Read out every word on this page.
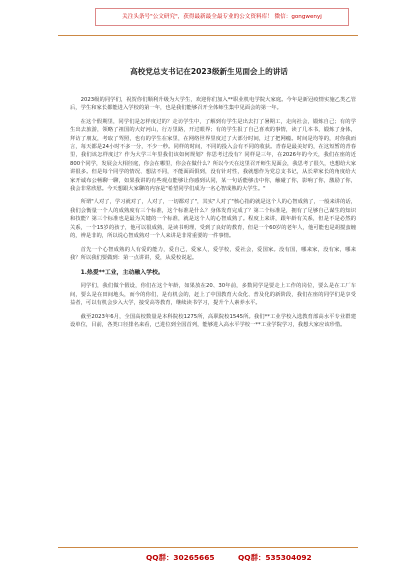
关注头条号"公文研究"，获得最新最全最专业的公文资料库！ 微信：gongwenyj
高校党总支书记在2023级新生见面会上的讲话

2023级的同学们，祝贺你们顺利升级为大学生，欢迎你们加入**职业机电学院大家庭。今年是新冠疫情实施乙类乙管后，学生和家长都能进入学校的第一年，也是我们能够召开全体师生集中见面会的第一年。

在这个假期里，同学们是怎样度过的？走访学生中，了解到有学生是出去打了暑期工，走向社会，锻炼自己；有的学生出去旅游，领略了祖国的大好河山，行万里路，开过眼界；有的学生报了自己喜欢的事情，读了几本书，锻炼了身体，拜访了朋友，考取了驾照，也有的学生在家里，在网络世界里度过了大部分时间，过了把网瘾。时间是均等的，对你我而言，每天都是24小时不多一分，不少一秒。同样的时间，不同的投入会有不同的收获。青春是最美好的，在这短暂的青春里，我们该怎样度过？作为大学三年里我们该如何规划？你思考过没有？同样是三年，在2026年的今天，我们在座的近800个同学，发展会大相径庭，你会在哪里，你会在做什么？所以今天在这里召开师生见面会，我思考了很久，也想给大家讲很多。但是每个同学的情况、想法不同，不能面面俱到，没有针对性，我就想作为党总支书记，从长辈家长的角度给大家开诚布公畅聊一聊，如果我讲的有些观点能够让你感到认同，某一句话能够击中你，触碰了你，影响了你，激励了你，我会非常欣慰。今天想跟大家聊的内容是"希望同学们成为一名心智成熟的大学生。"

所谓"人对了，学习就对了，人对了，一切都对了"，其实"人对了"核心指的就是这个人的心智成熟了，一般来讲的话，我们会衡量一个人的成熟度有三个标准，这个标准是什么？身体发育完成了？第二个标准是，拥有了足够自己谋生的知识和技能？第三个标准也是最为关键的一个标准，就是这个人的心智成熟了。程度上来讲，跟年龄有关系，但是不是必然的关系，一个15岁的孩子，他可以很成熟，是读书明理，受到了良好的教育，但是一个60岁的老年人，他可能也是胡搅蛮缠的，辨是非的，所以说心智成熟对一个人来讲是非常重要的一件事情。

首先一个心智成熟的人有爱的能力，爱自己，爱家人，爱学校，爱社会，爱国家。没有国，哪来家，没有家，哪来我？所以我们要做到：第一点讲讲，爱，从爱校说起。

1.热爱**工业，主动融入学校。

同学们，我们做个假设，你们在这个年龄，如果放在20、30年前，多数同学是要走上工作的岗位，要么是在工厂车间，要么是在田间地头，而今的你们，是有机会的，赶上了中国教育大众化、普及化的新阶段，我们在座的同学们是享受益者，可以有机会步入大学，接受高等教育，继续读书学习，提升个人素养水平。

截至2023年6月，全国高校数量是本科院校1275所，高职院校1545所。我们**工业学校入选教育部高水平专业群建设单位，目前，各类口径排名来看，已进位到全国首列，能够进入高水平学校一**工业学院学习，我想大家应该珍惜。

QQ群：30265665	QQ群：535304092
